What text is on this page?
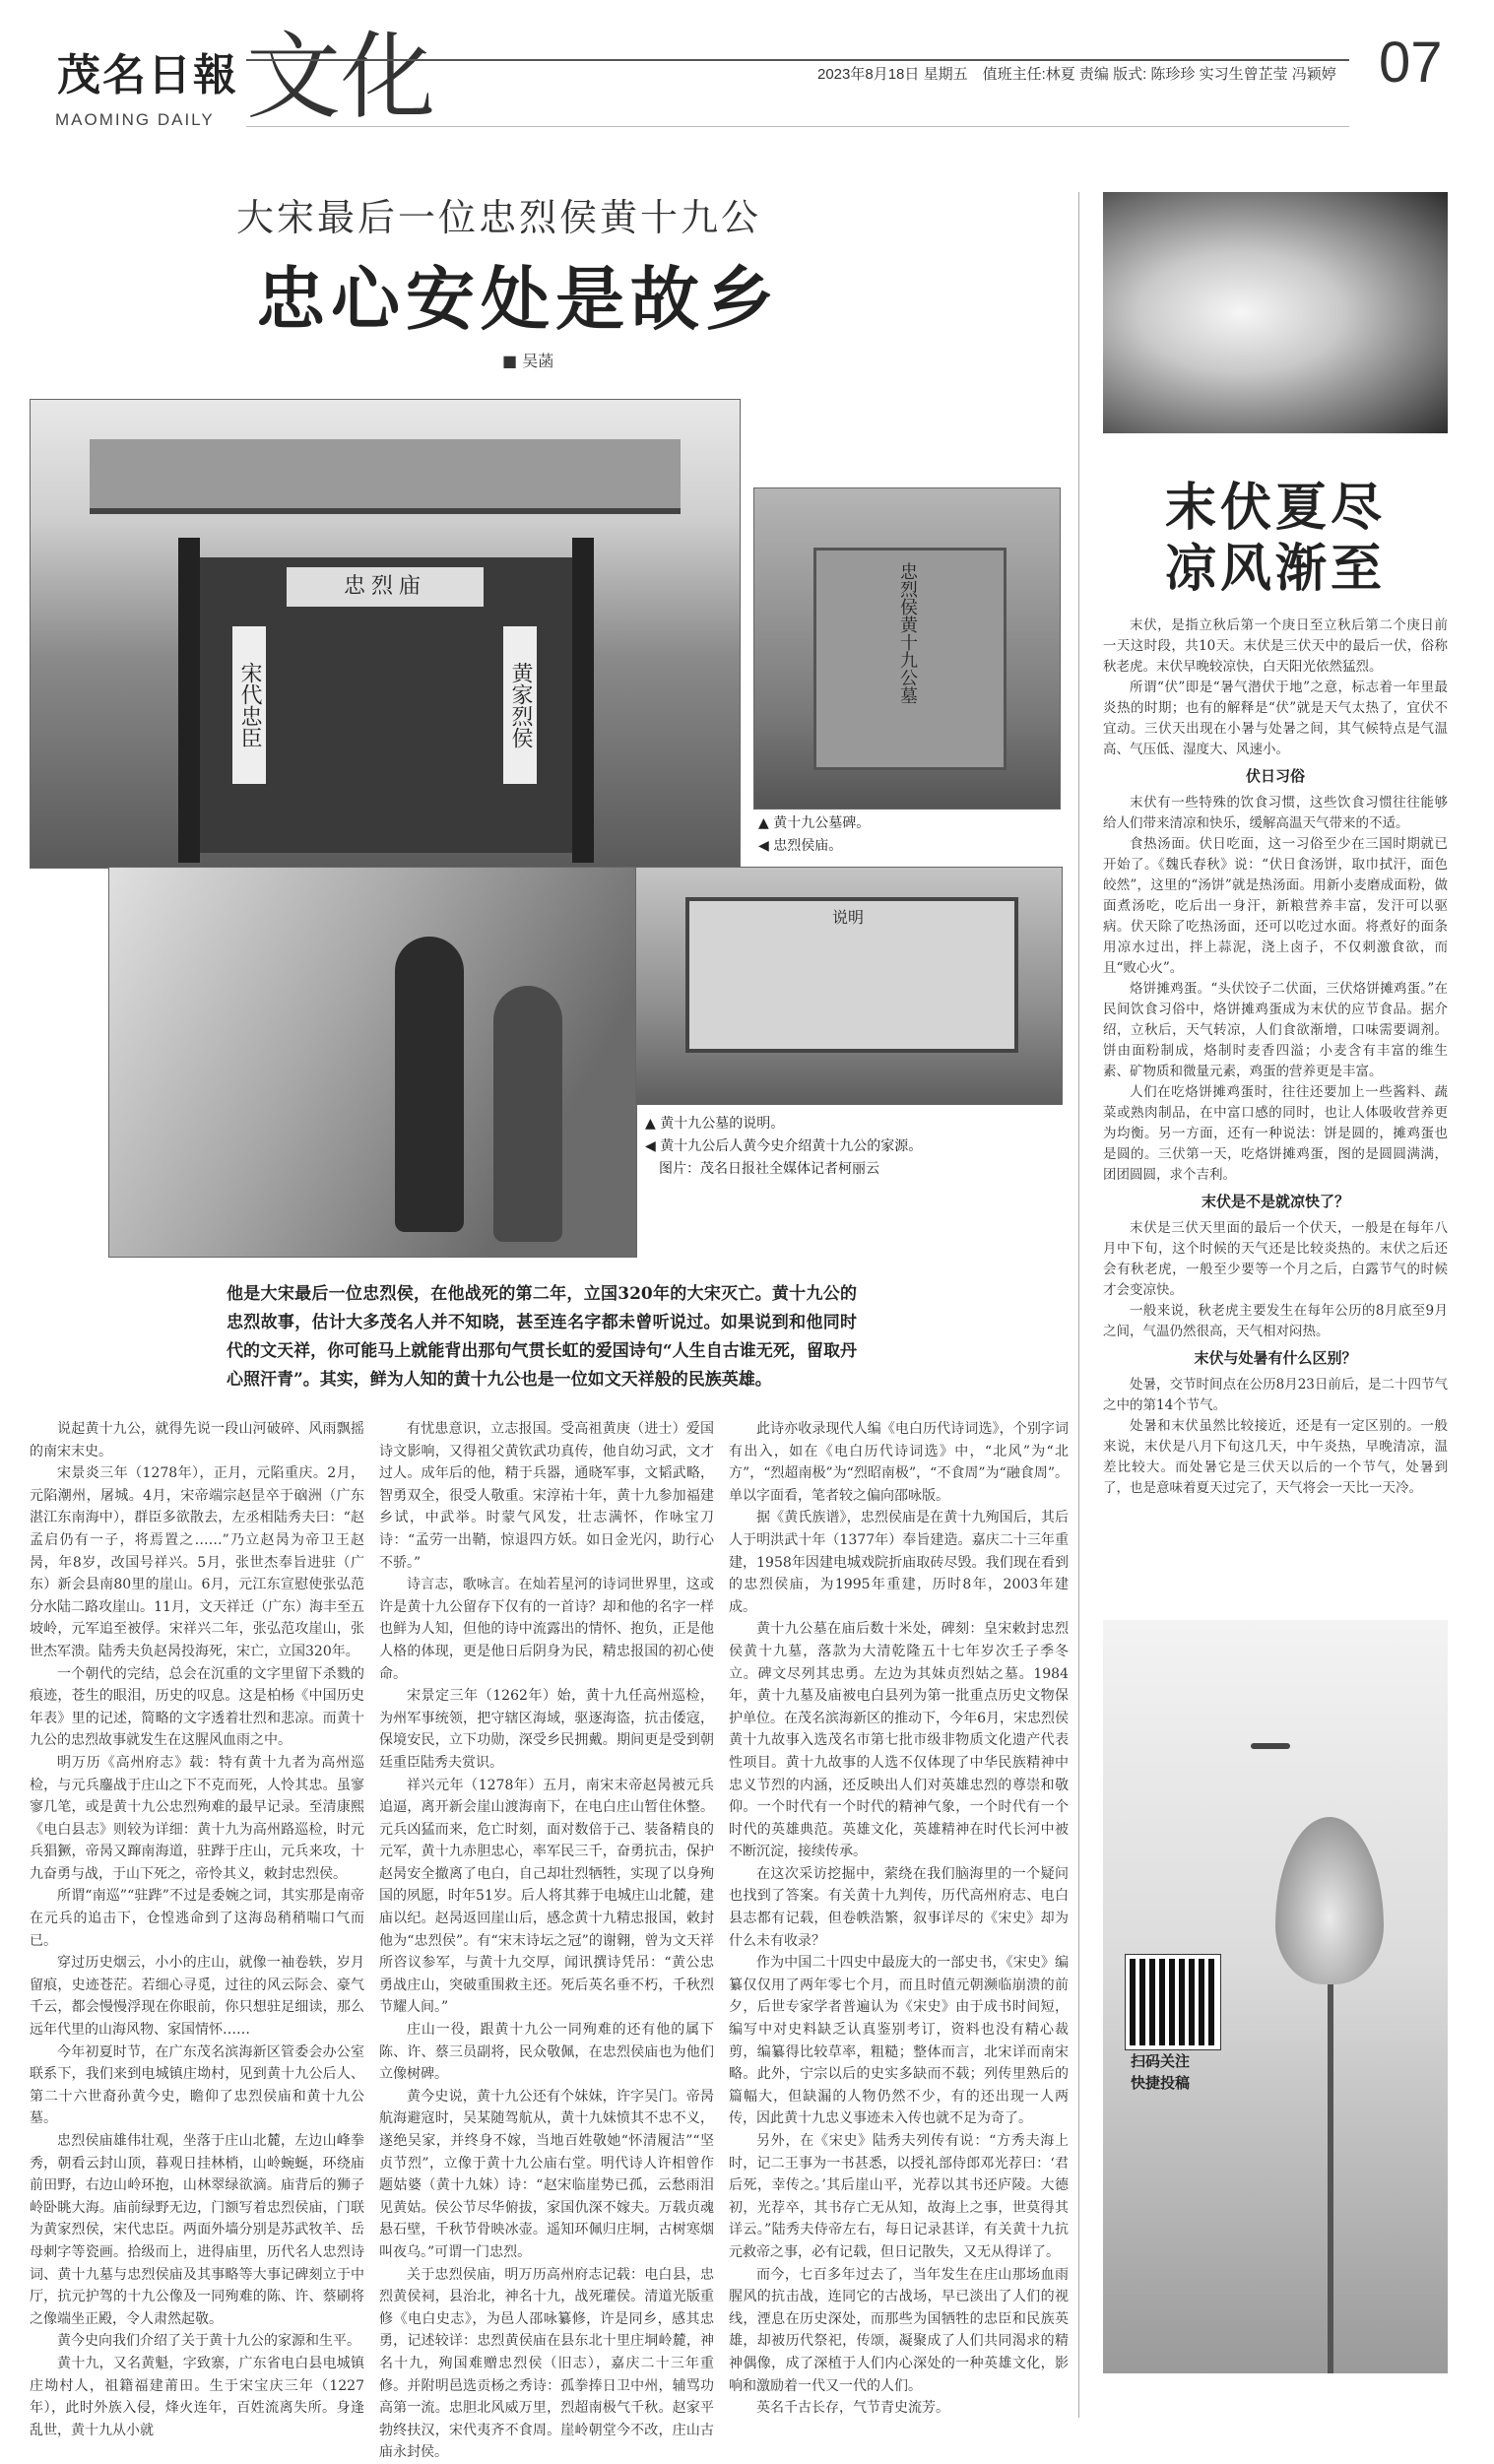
茂名日報
MAOMING DAILY 文化	2023年8月18日 星期五　值班主任:林夏 责编 版式: 陈珍珍 实习生曾芷莹 冯颖婷 07
大宋最后一位忠烈侯黄十九公
忠心安处是故乡
■ 吴菡
忠烈庙
宋代忠臣	黄家烈侯
忠烈侯黄十九公墓
▲ 黄十九公墓碑。
◀ 忠烈侯庙。
说明
▲ 黄十九公墓的说明。
◀ 黄十九公后人黄今史介绍黄十九公的家源。
图片：茂名日报社全媒体记者柯丽云
他是大宋最后一位忠烈侯，在他战死的第二年，立国320年的大宋灭亡。黄十九公的忠烈故事，估计大多茂名人并不知晓，甚至连名字都未曾听说过。如果说到和他同时代的文天祥，你可能马上就能背出那句气贯长虹的爱国诗句“人生自古谁无死，留取丹心照汗青”。其实，鲜为人知的黄十九公也是一位如文天祥般的民族英雄。

说起黄十九公，就得先说一段山河破碎、风雨飘摇的南宋末史。

宋景炎三年（1278年），正月，元陷重庆。2月，元陷潮州，屠城。4月，宋帝端宗赵昰卒于硇洲（广东湛江东南海中），群臣多欲散去，左丞相陆秀夫曰：“赵孟启仍有一子，将焉置之……”乃立赵昺为帝卫王赵昺，年8岁，改国号祥兴。5月，张世杰奉旨进驻（广东）新会县南80里的崖山。6月，元江东宣慰使张弘范分水陆二路攻崖山。11月，文天祥迁（广东）海丰至五坡岭，元军追至被俘。宋祥兴二年，张弘范攻崖山，张世杰军溃。陆秀夫负赵昺投海死，宋亡，立国320年。

一个朝代的完结，总会在沉重的文字里留下杀戮的痕迹，苍生的眼泪，历史的叹息。这是柏杨《中国历史年表》里的记述，简略的文字透着壮烈和悲凉。而黄十九公的忠烈故事就发生在这腥风血雨之中。

明万历《高州府志》载：特有黄十九者为高州巡检，与元兵鏖战于庄山之下不克而死，人怜其忠。虽寥寥几笔，或是黄十九公忠烈殉难的最早记录。至清康熙《电白县志》则较为详细：黄十九为高州路巡检，时元兵猖獗，帝昺又蹿南海道，驻跸于庄山，元兵来攻，十九奋勇与战，于山下死之，帝怜其义，敕封忠烈侯。

所谓“南巡”“驻跸”不过是委婉之词，其实那是南帝在元兵的追击下，仓惶逃命到了这海岛稍稍喘口气而已。

穿过历史烟云，小小的庄山，就像一袖卷轶，岁月留痕，史迹苍茫。若细心寻觅，过往的风云际会、豪气千云，都会慢慢浮现在你眼前，你只想驻足细读，那么远年代里的山海风物、家国情怀……

今年初夏时节，在广东茂名滨海新区管委会办公室联系下，我们来到电城镇庄坳村，见到黄十九公后人、第二十六世裔孙黄今史，瞻仰了忠烈侯庙和黄十九公墓。

忠烈侯庙雄伟壮观，坐落于庄山北麓，左边山峰拳秀，朝看云封山顶，暮观日挂林梢，山岭蜿蜒，环绕庙前田野，右边山岭环抱，山林翠绿欲滴。庙背后的狮子岭卧眺大海。庙前绿野无边，门额写着忠烈侯庙，门联为黄家烈侯，宋代忠臣。两面外墙分别是苏武牧羊、岳母刺字等瓷画。拾级而上，进得庙里，历代名人忠烈诗词、黄十九墓与忠烈侯庙及其事略等大事记碑刻立于中厅，抗元护驾的十九公像及一同殉难的陈、许、蔡刷将之像端坐正殿，令人肃然起敬。

黄今史向我们介绍了关于黄十九公的家源和生平。

黄十九，又名黄魁，字致寨，广东省电白县电城镇庄坳村人，祖籍福建莆田。生于宋宝庆三年（1227年），此时外族入侵，烽火连年，百姓流离失所。身逢乱世，黄十九从小就

有忧患意识，立志报国。受高祖黄庚（进士）爱国诗文影响，又得祖父黄钦武功真传，他自幼习武，文才过人。成年后的他，精于兵器，通晓军事，文韬武略，智勇双全，很受人敬重。宋淳祐十年，黄十九参加福建乡试，中武举。时蒙气风发，壮志满怀，作咏宝刀诗：“孟劳一出鞘，惊退四方妖。如日金光闪，助行心不骄。”

诗言志，歌咏言。在灿若星河的诗词世界里，这或许是黄十九公留存下仅有的一首诗？却和他的名字一样也鲜为人知，但他的诗中流露出的情怀、抱负，正是他人格的体现，更是他日后阴身为民，精忠报国的初心使命。

宋景定三年（1262年）始，黄十九任高州巡检，为州军事统领，把守辖区海域，驱逐海盗，抗击倭寇，保境安民，立下功勋，深受乡民拥戴。期间更是受到朝廷重臣陆秀夫赏识。

祥兴元年（1278年）五月，南宋末帝赵昺被元兵追逼，离开新会崖山渡海南下，在电白庄山暂住休整。元兵凶猛而来，危亡时刻，面对数倍于己、装备精良的元军，黄十九赤胆忠心，率军民三千，奋勇抗击，保护赵昺安全撤离了电白，自己却壮烈牺牲，实现了以身殉国的夙愿，时年51岁。后人将其葬于电城庄山北麓，建庙以纪。赵昺返回崖山后，感念黄十九精忠报国，敕封他为“忠烈侯”。有“宋末诗坛之冠”的谢翱，曾为文天祥所咨议参军，与黄十九交厚，闻讯撰诗凭吊：“黄公忠勇战庄山，突破重围救主还。死后英名垂不朽，千秋烈节耀人间。”

庄山一役，跟黄十九公一同殉难的还有他的属下陈、许、蔡三员副将，民众敬佩，在忠烈侯庙也为他们立像树碑。

黄今史说，黄十九公还有个妹妹，许字吴门。帝昺航海避寇时，吴某随驾航从，黄十九妹愤其不忠不义，遂绝吴家，并终身不嫁，当地百姓敬她“怀清履洁”“坚贞节烈”，立像于黄十九公庙右堂。明代诗人许相曾作题姑婆（黄十九妹）诗：“赵宋临崖势已孤，云愁雨泪见黄姑。侯公节尽华俯拔，家国仇深不嫁夫。万载贞魂悬石壁，千秋节骨映冰壶。遥知环佩归庄垌，古树寒烟叫夜乌。”可谓一门忠烈。

关于忠烈侯庙，明万历高州府志记载：电白县，忠烈黄侯祠，县治北，神名十九，战死瓘侯。清道光版重修《电白史志》，为邑人邵咏纂修，许是同乡，感其忠勇，记述较详：忠烈黄侯庙在县东北十里庄垌岭麓，神名十九，殉国难赠忠烈侯（旧志），嘉庆二十三年重修。并附明邑选贡杨之秀诗：孤拳捧日卫中州，辅骂功高第一流。忠胆北风威万里，烈超南极气千秋。赵家平勃终扶汉，宋代夷齐不食周。崖岭朝堂今不改，庄山古庙永封侯。

此诗亦收录现代人编《电白历代诗词选》，个别字词有出入，如在《电白历代诗词选》中，“北风”为“北方”，“烈超南极”为“烈昭南极”，“不食周”为“融食周”。单以字面看，笔者较之偏向邵咏版。

据《黄氏族谱》，忠烈侯庙是在黄十九殉国后，其后人于明洪武十年（1377年）奉旨建造。嘉庆二十三年重建，1958年因建电城戏院折庙取砖尽毁。我们现在看到的忠烈侯庙，为1995年重建，历时8年，2003年建成。

黄十九公墓在庙后数十米处，碑刻：皇宋敕封忠烈侯黄十九墓，落款为大清乾隆五十七年岁次壬子季冬立。碑文尽列其忠勇。左边为其妹贞烈姑之墓。1984年，黄十九墓及庙被电白县列为第一批重点历史文物保护单位。在茂名滨海新区的推动下，今年6月，宋忠烈侯黄十九故事入选茂名市第七批市级非物质文化遗产代表性项目。黄十九故事的人选不仅体现了中华民族精神中忠义节烈的内涵，还反映出人们对英雄忠烈的尊崇和敬仰。一个时代有一个时代的精神气象，一个时代有一个时代的英雄典范。英雄文化，英雄精神在时代长河中被不断沉淀，接续传承。

在这次采访挖掘中，萦绕在我们脑海里的一个疑问也找到了答案。有关黄十九判传，历代高州府志、电白县志都有记载，但卷帙浩繁，叙事详尽的《宋史》却为什么未有收录？

作为中国二十四史中最庞大的一部史书，《宋史》编纂仅仅用了两年零七个月，而且时值元朝濒临崩溃的前夕，后世专家学者普遍认为《宋史》由于成书时间短，编写中对史料缺乏认真鉴别考订，资料也没有精心裁剪，编纂得比较草率，粗糙；整体而言，北宋详而南宋略。此外，宁宗以后的史实多缺而不载；列传里熟后的篇幅大，但缺漏的人物仍然不少，有的还出现一人两传，因此黄十九忠义事迹未入传也就不足为奇了。

另外，在《宋史》陆秀夫列传有说：“方秀夫海上时，记二王事为一书甚悉，以授礼部侍郎邓光荐曰：‘君后死，幸传之。’其后崖山平，光荐以其书还庐陵。大德初，光荐卒，其书存亡无从知，故海上之事，世莫得其详云。”陆秀夫侍帝左右，每日记录甚详，有关黄十九抗元救帝之事，必有记载，但日记散失，又无从得详了。

而今，七百多年过去了，当年发生在庄山那场血雨腥风的抗击战，连同它的古战场，早已淡出了人们的视线，湮息在历史深处，而那些为国牺牲的忠臣和民族英雄，却被历代祭祀，传颂，凝聚成了人们共同渴求的精神偶像，成了深植于人们内心深处的一种英雄文化，影响和激励着一代又一代的人们。

英名千古长存，气节青史流芳。

末伏夏尽
凉风渐至

末伏，是指立秋后第一个庚日至立秋后第二个庚日前一天这时段，共10天。末伏是三伏天中的最后一伏，俗称秋老虎。末伏早晚较凉快，白天阳光依然猛烈。

所谓“伏”即是“暑气潜伏于地”之意，标志着一年里最炎热的时期；也有的解释是“伏”就是天气太热了，宜伏不宜动。三伏天出现在小暑与处暑之间，其气候特点是气温高、气压低、湿度大、风速小。

伏日习俗

末伏有一些特殊的饮食习惯，这些饮食习惯往往能够给人们带来清凉和快乐，缓解高温天气带来的不适。

食热汤面。伏日吃面，这一习俗至少在三国时期就已开始了。《魏氏春秋》说：“伏日食汤饼，取巾拭汗，面色皎然”，这里的“汤饼”就是热汤面。用新小麦磨成面粉，做面煮汤吃，吃后出一身汗，新粮营养丰富，发汗可以驱病。伏天除了吃热汤面，还可以吃过水面。将煮好的面条用凉水过出，拌上蒜泥，浇上卤子，不仅刺激食欲，而且“败心火”。

烙饼摊鸡蛋。“头伏饺子二伏面，三伏烙饼摊鸡蛋。”在民间饮食习俗中，烙饼摊鸡蛋成为末伏的应节食品。据介绍，立秋后，天气转凉，人们食欲渐增，口味需要调剂。饼由面粉制成，烙制时麦香四溢；小麦含有丰富的维生素、矿物质和微量元素，鸡蛋的营养更是丰富。

人们在吃烙饼摊鸡蛋时，往往还要加上一些酱料、蔬菜或熟肉制品，在中富口感的同时，也让人体吸收营养更为均衡。另一方面，还有一种说法：饼是圆的，摊鸡蛋也是圆的。三伏第一天，吃烙饼摊鸡蛋，图的是圆圆满满，团团圆圆，求个吉利。

末伏是不是就凉快了？

末伏是三伏天里面的最后一个伏天，一般是在每年八月中下旬，这个时候的天气还是比较炎热的。末伏之后还会有秋老虎，一般至少要等一个月之后，白露节气的时候才会变凉快。

一般来说，秋老虎主要发生在每年公历的8月底至9月之间，气温仍然很高，天气相对闷热。

末伏与处暑有什么区别？

处暑，交节时间点在公历8月23日前后，是二十四节气之中的第14个节气。

处暑和末伏虽然比较接近，还是有一定区别的。一般来说，末伏是八月下旬这几天，中午炎热，早晚清凉，温差比较大。而处暑它是三伏天以后的一个节气，处暑到了，也是意味着夏天过完了，天气将会一天比一天冷。

扫码关注
快捷投稿
